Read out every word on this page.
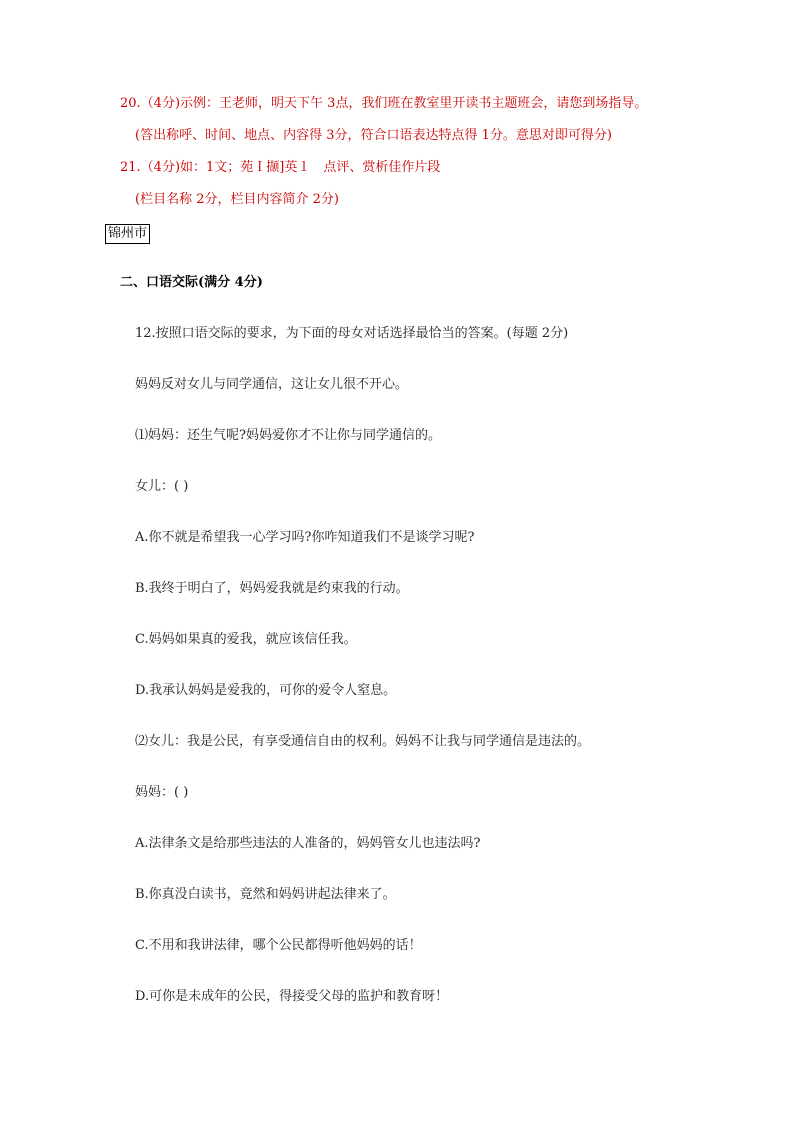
20.（4分)示例：王老师，明天下午 3点，我们班在教室里开读书主题班会，请您到场指导。
(答出称呼、时间、地点、内容得 3分，符合口语表达特点得 1分。意思对即可得分)
21.（4分)如：1文；苑Ｉ撷]英１　点评、赏析佳作片段
(栏目名称 2分，栏目内容简介 2分)
锦州市
二、口语交际(满分 4分)
12.按照口语交际的要求，为下面的母女对话选择最恰当的答案。(每题 2分)
妈妈反对女儿与同学通信，这让女儿很不开心。
⑴妈妈：还生气呢?妈妈爱你才不让你与同学通信的。
女儿：( )
A.你不就是希望我一心学习吗?你咋知道我们不是谈学习呢?
B.我终于明白了，妈妈爱我就是约束我的行动。
C.妈妈如果真的爱我，就应该信任我。
D.我承认妈妈是爱我的，可你的爱令人窒息。
⑵女儿：我是公民，有享受通信自由的权利。妈妈不让我与同学通信是违法的。
妈妈：( )
A.法律条文是给那些违法的人准备的，妈妈管女儿也违法吗?
B.你真没白读书，竟然和妈妈讲起法律来了。
C.不用和我讲法律，哪个公民都得听他妈妈的话！
D.可你是未成年的公民，得接受父母的监护和教育呀！
